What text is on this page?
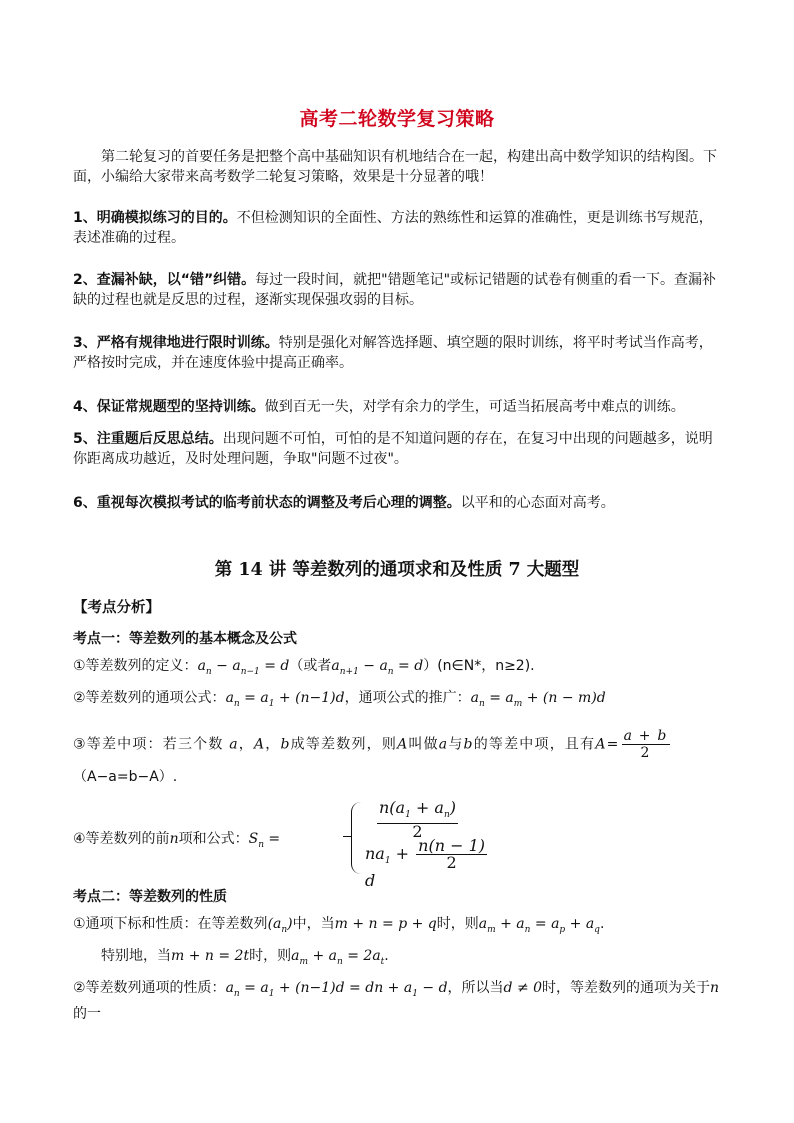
高考二轮数学复习策略
第二轮复习的首要任务是把整个高中基础知识有机地结合在一起，构建出高中数学知识的结构图。下面，小编给大家带来高考数学二轮复习策略，效果是十分显著的哦！
1、明确模拟练习的目的。不但检测知识的全面性、方法的熟练性和运算的准确性，更是训练书写规范，表述准确的过程。
2、查漏补缺，以“错”纠错。每过一段时间，就把"错题笔记"或标记错题的试卷有侧重的看一下。查漏补缺的过程也就是反思的过程，逐渐实现保强攻弱的目标。
3、严格有规律地进行限时训练。特别是强化对解答选择题、填空题的限时训练，将平时考试当作高考，严格按时完成，并在速度体验中提高正确率。
4、保证常规题型的坚持训练。做到百无一失，对学有余力的学生，可适当拓展高考中难点的训练。
5、注重题后反思总结。出现问题不可怕，可怕的是不知道问题的存在，在复习中出现的问题越多，说明你距离成功越近，及时处理问题，争取"问题不过夜"。
6、重视每次模拟考试的临考前状态的调整及考后心理的调整。以平和的心态面对高考。
第 14 讲 等差数列的通项求和及性质 7 大题型
【考点分析】
考点一：等差数列的基本概念及公式
①等差数列的定义：$a_n - a_{n-1} = d$（或者$a_{n+1} - a_n$ = d）(n∈N*，n≥2).
②等差数列的通项公式：$a_n = a_1 + (n-1)d$，通项公式的推广：$a_n = a_m + (n - m)d$
③等差中项：若三个数 a，A，b成等差数列，则A叫做a与b的等差中项，且有$A= \frac{a + b}{2}$
（A−a=b−A）.
④等差数列的前n项和公式：$S_n$ =	$\frac{n(a_1 + a_n)}{2}$
$na_1 + \frac{n(n - 1)}{2}$
d
考点二：等差数列的性质
①通项下标和性质：在等差数列$(a_n)$中，当m + n = p + q时，则$a_m + a_n = a_p + a_q$.
特别地，当m + n = 2t时，则$a_m + a_n = 2a_t$.
②等差数列通项的性质：$a_n = a_1 + (n-1)d$ = dn + $a_1 - d$，所以当d ≠ 0时，等差数列的通项为关于n的一
